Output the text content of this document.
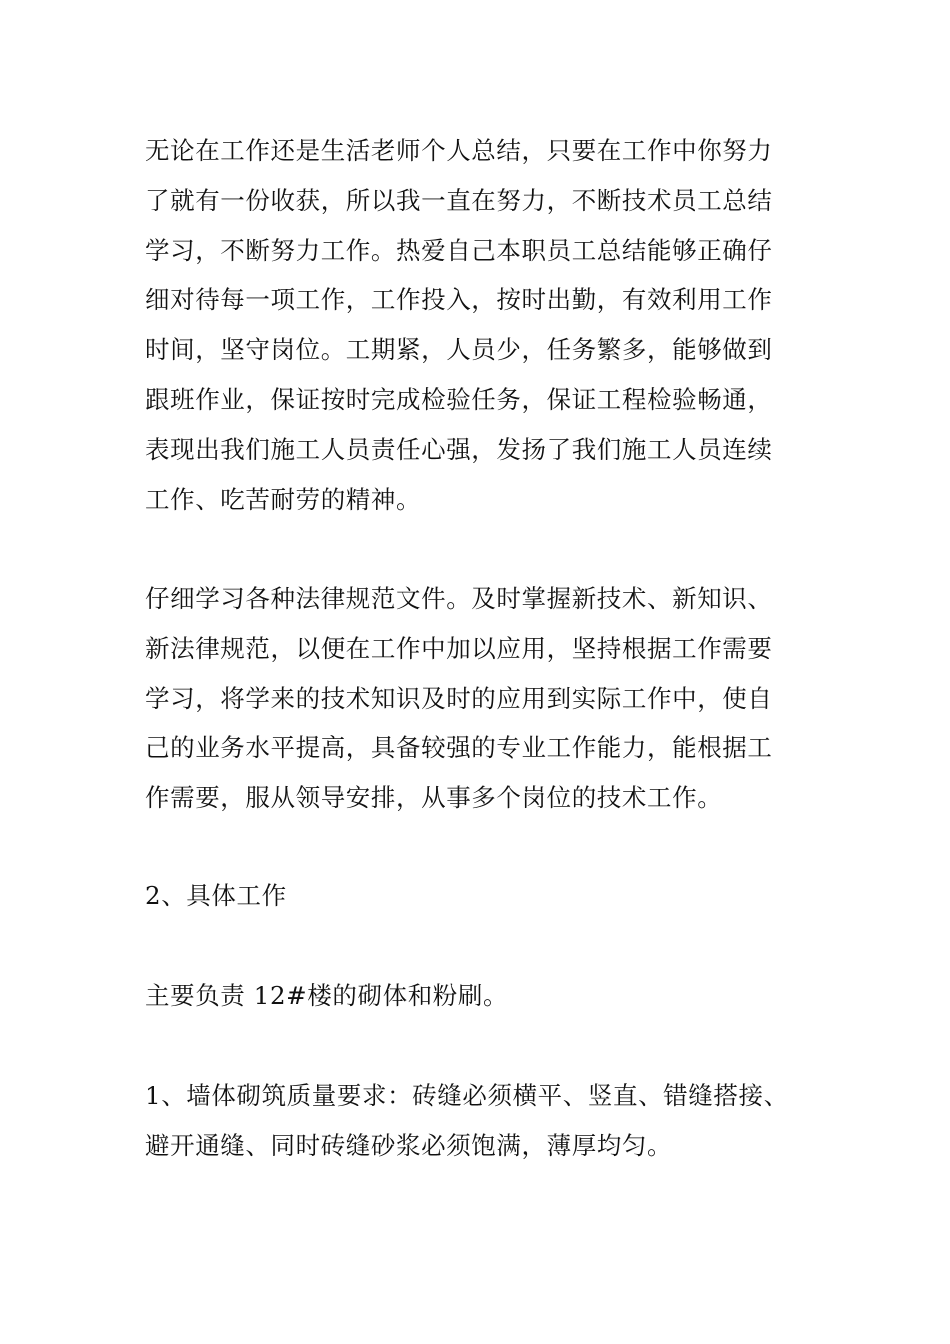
无论在工作还是生活老师个人总结，只要在工作中你努力
了就有一份收获，所以我一直在努力，不断技术员工总结
学习，不断努力工作。热爱自己本职员工总结能够正确仔
细对待每一项工作，工作投入，按时出勤，有效利用工作
时间，坚守岗位。工期紧，人员少，任务繁多，能够做到
跟班作业，保证按时完成检验任务，保证工程检验畅通，
表现出我们施工人员责任心强，发扬了我们施工人员连续
工作、吃苦耐劳的精神。

仔细学习各种法律规范文件。及时掌握新技术、新知识、
新法律规范，以便在工作中加以应用，坚持根据工作需要
学习，将学来的技术知识及时的应用到实际工作中，使自
己的业务水平提高，具备较强的专业工作能力，能根据工
作需要，服从领导安排，从事多个岗位的技术工作。

2、具体工作

主要负责 12#楼的砌体和粉刷。

1、墙体砌筑质量要求：砖缝必须横平、竖直、错缝搭接、
避开通缝、同时砖缝砂浆必须饱满，薄厚均匀。
